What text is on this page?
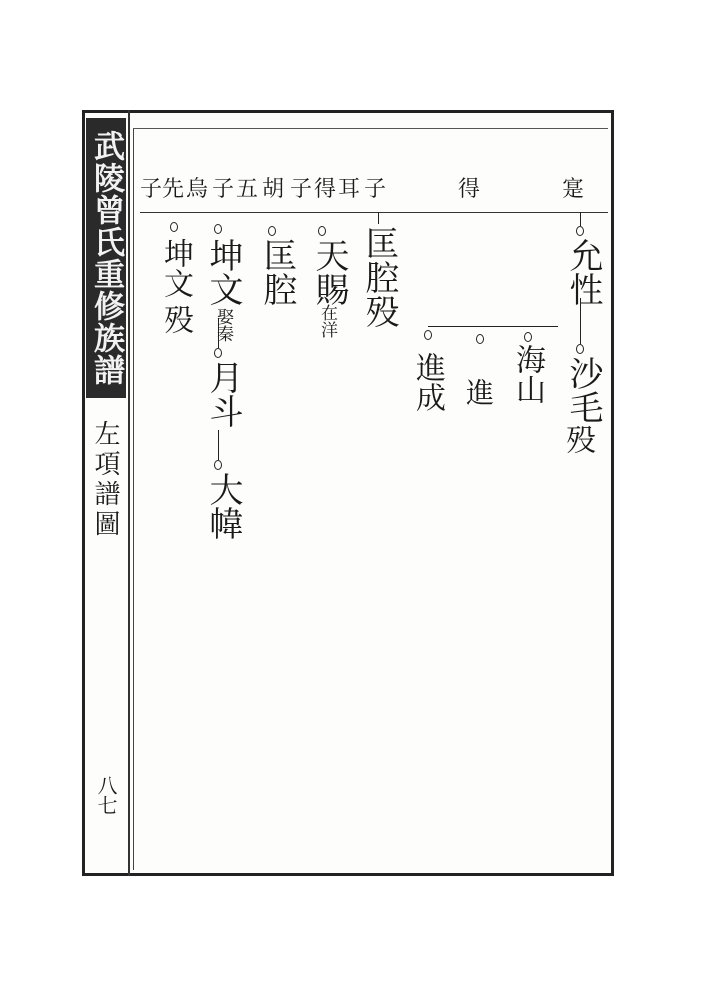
武陵曾氏重修族譜
左項譜圖
八七
子 先 烏 子 五 胡 子 得 耳 子	得	寔
允性
沙毛
殁
海山
進
進成
匡腔
殁
天賜
在洋
匡腔
坤文
娶秦
月斗
大幃
坤文
殁
